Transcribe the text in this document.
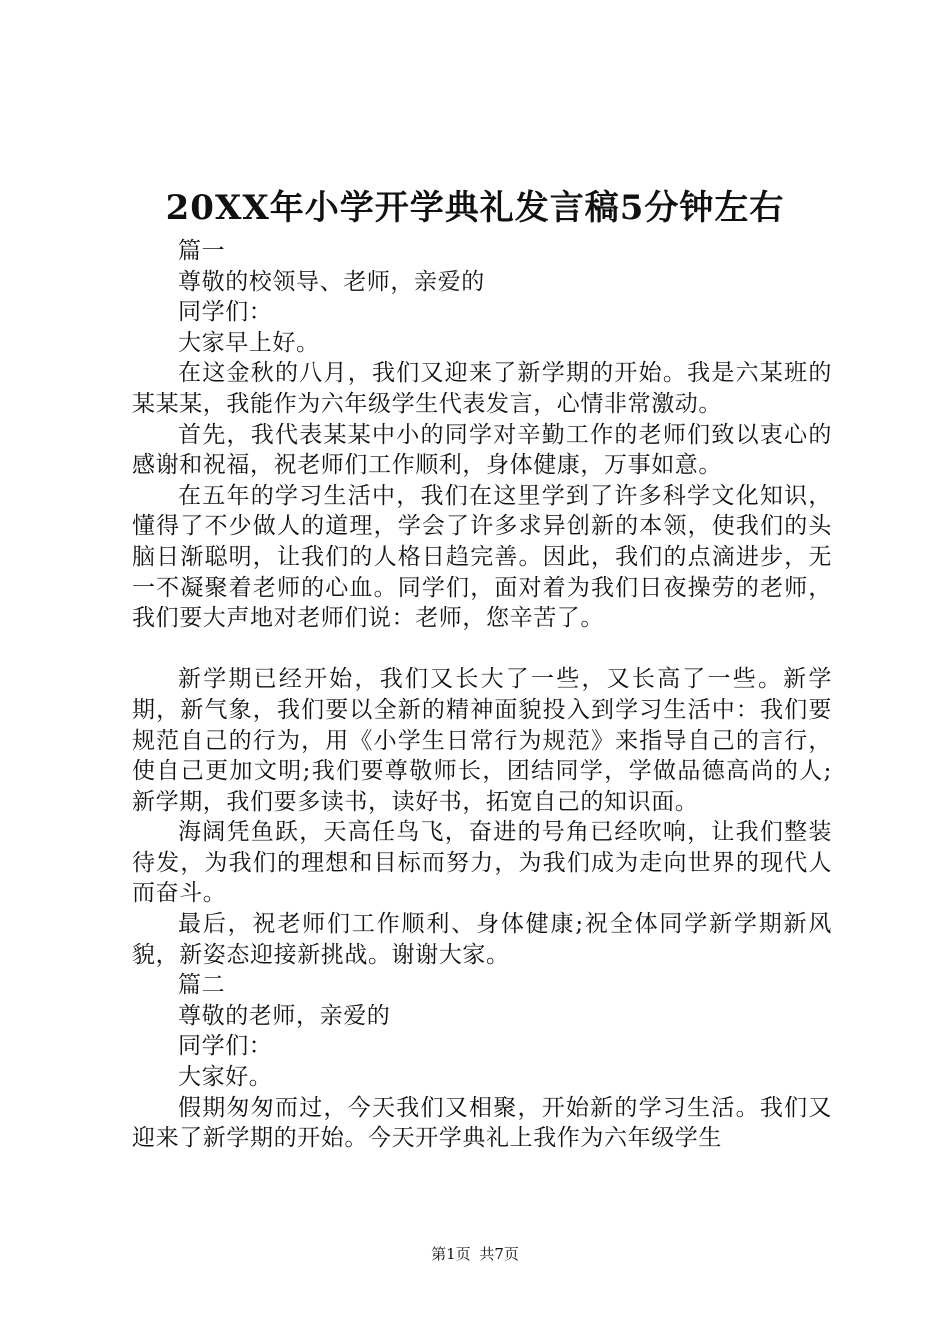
20XX年小学开学典礼发言稿5分钟左右

篇一

尊敬的校领导、老师，亲爱的

同学们：

大家早上好。

在这金秋的八月，我们又迎来了新学期的开始。我是六某班的某某某，我能作为六年级学生代表发言，心情非常激动。

首先，我代表某某中小的同学对辛勤工作的老师们致以衷心的感谢和祝福，祝老师们工作顺利，身体健康，万事如意。

在五年的学习生活中，我们在这里学到了许多科学文化知识，懂得了不少做人的道理，学会了许多求异创新的本领，使我们的头脑日渐聪明，让我们的人格日趋完善。因此，我们的点滴进步，无一不凝聚着老师的心血。同学们，面对着为我们日夜操劳的老师，我们要大声地对老师们说：老师，您辛苦了。

新学期已经开始，我们又长大了一些，又长高了一些。新学期，新气象，我们要以全新的精神面貌投入到学习生活中：我们要规范自己的行为，用《小学生日常行为规范》来指导自己的言行，使自己更加文明;我们要尊敬师长，团结同学，学做品德高尚的人;新学期，我们要多读书，读好书，拓宽自己的知识面。

海阔凭鱼跃，天高任鸟飞，奋进的号角已经吹响，让我们整装待发，为我们的理想和目标而努力，为我们成为走向世界的现代人而奋斗。

最后，祝老师们工作顺利、身体健康;祝全体同学新学期新风貌，新姿态迎接新挑战。谢谢大家。

篇二

尊敬的老师，亲爱的

同学们：

大家好。

假期匆匆而过，今天我们又相聚，开始新的学习生活。我们又迎来了新学期的开始。今天开学典礼上我作为六年级学生

第1页 共7页
